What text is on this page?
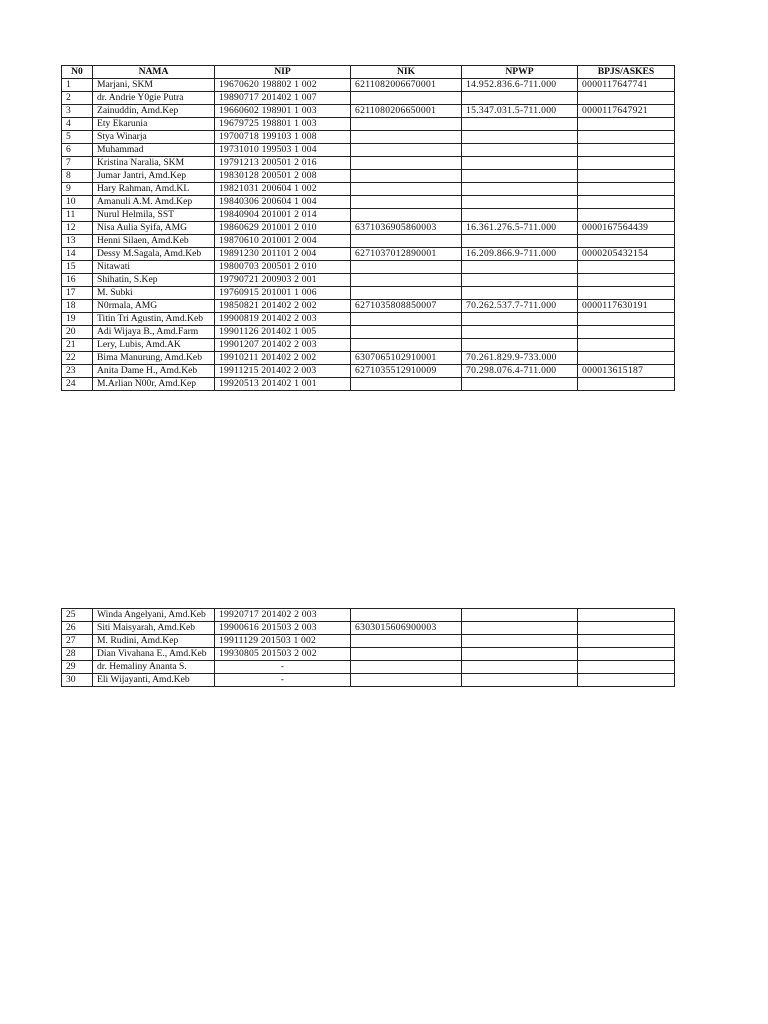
N0	NAMA	NIP	NIK	NPWP	BPJS/ASKES
1	Marjani, SKM	19670620 198802 1 002	6211082006670001	14.952.836.6-711.000	0000117647741
2	dr. Andrie Y0gie Putra	19890717 201402 1 007			
3	Zainuddin, Amd.Kep	19660602 198901 1 003	6211080206650001	15.347.031.5-711.000	0000117647921
4	Ety Ekarunia	19679725 198801 1 003			
5	Stya Winarja	19700718 199103 1 008			
6	Muhammad	19731010 199503 1 004			
7	Kristina Naralia, SKM	19791213 200501 2 016			
8	Jumar Jantri, Amd.Kep	19830128 200501 2 008			
9	Hary Rahman, Amd.KL	19821031 200604 1 002			
10	Amanuli A.M. Amd.Kep	19840306 200604 1 004			
11	Nurul Helmila, SST	19840904 201001 2 014			
12	Nisa Aulia Syifa, AMG	19860629 201001 2 010	6371036905860003	16.361.276.5-711.000	0000167564439
13	Henni Silaen, Amd.Keb	19870610 201001 2 004			
14	Dessy M.Sagala, Amd.Keb	19891230 201101 2 004	6271037012890001	16.209.866.9-711.000	0000205432154
15	Nitawati	19800703 200501 2 010			
16	Shihatin, S.Kep	19790721 200903 2 001			
17	M. Subki	19760915 201001 1 006			
18	N0rmala, AMG	19850821 201402 2 002	6271035808850007	70.262.537.7-711.000	0000117630191
19	Titin Tri Agustin, Amd.Keb	19900819 201402 2 003			
20	Adi Wijaya B., Amd.Farm	19901126 201402 1 005			
21	Lery, Lubis, Amd.AK	19901207 201402 2 003			
22	Bima Manurung, Amd.Keb	19910211 201402 2 002	6307065102910001	70.261.829.9-733.000	
23	Anita Dame H., Amd.Keb	19911215 201402 2 003	6271035512910009	70.298.076.4-711.000	000013615187
24	M.Arlian N00r, Amd.Kep	19920513 201402 1 001			
25	Winda Angelyani, Amd.Keb	19920717 201402 2 003			
26	Siti Maisyarah, Amd.Keb	19900616 201503 2 003	6303015606900003		
27	M. Rudini, Amd.Kep	19911129 201503 1 002			
28	Dian Vivahana E., Amd.Keb	19930805 201503 2 002			
29	dr. Hemaliny Ananta S.	-			
30	Eli Wijayanti, Amd.Keb	-			
